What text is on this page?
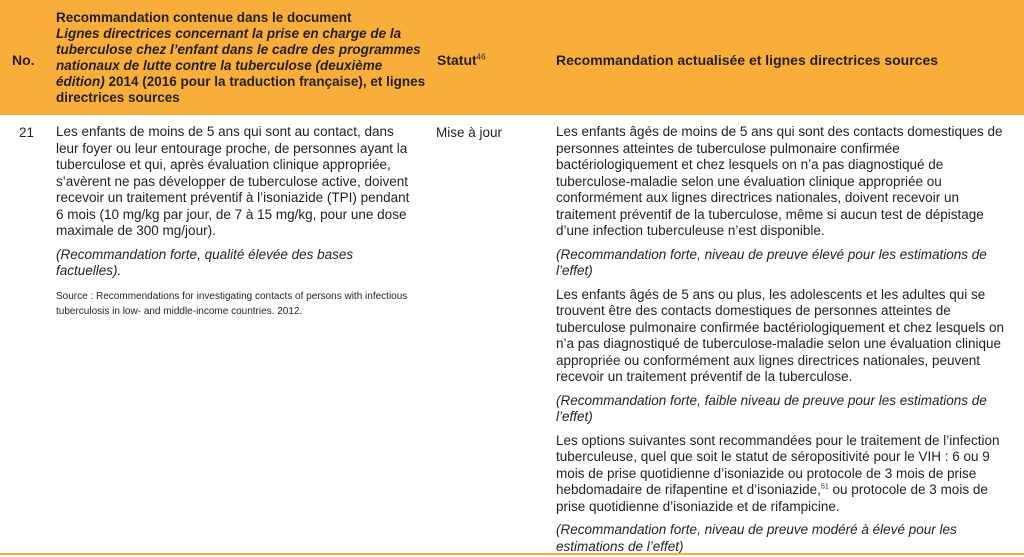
No.
Recommandation contenue dans le document
Lignes directrices concernant la prise en charge de la tuberculose chez l’enfant dans le cadre des programmes nationaux de lutte contre la tuberculose (deuxième édition) 2014 (2016 pour la traduction française), et lignes directrices sources
Statut$^{46}$	Recommandation actualisée et lignes directrices sources
21 Les enfants de moins de 5 ans qui sont au contact, dans leur foyer ou leur entourage proche, de personnes ayant la tuberculose et qui, après évaluation clinique appropriée, s’avèrent ne pas développer de tuberculose active, doivent recevoir un traitement préventif à l’isoniazide (TPI) pendant 6 mois (10 mg/kg par jour, de 7 à 15 mg/kg, pour une dose maximale de 300 mg/jour).

(Recommandation forte, qualité élevée des bases factuelles).

Source : Recommendations for investigating contacts of persons with infectious tuberculosis in low- and middle-income countries. 2012.

Mise à jour	Les enfants âgés de moins de 5 ans qui sont des contacts domestiques de personnes atteintes de tuberculose pulmonaire confirmée bactériologiquement et chez lesquels on n’a pas diagnostiqué de tuberculose-maladie selon une évaluation clinique appropriée ou conformément aux lignes directrices nationales, doivent recevoir un traitement préventif de la tuberculose, même si aucun test de dépistage d’une infection tuberculeuse n’est disponible.

(Recommandation forte, niveau de preuve élevé pour les estimations de l’effet)

Les enfants âgés de 5 ans ou plus, les adolescents et les adultes qui se trouvent être des contacts domestiques de personnes atteintes de tuberculose pulmonaire confirmée bactériologiquement et chez lesquels on n’a pas diagnostiqué de tuberculose-maladie selon une évaluation clinique appropriée ou conformément aux lignes directrices nationales, peuvent recevoir un traitement préventif de la tuberculose.

(Recommandation forte, faible niveau de preuve pour les estimations de l’effet)

Les options suivantes sont recommandées pour le traitement de l’infection tuberculeuse, quel que soit le statut de séropositivité pour le VIH : 6 ou 9 mois de prise quotidienne d’isoniazide ou protocole de 3 mois de prise hebdomadaire de rifapentine et d’isoniazide,$^{51}$ ou protocole de 3 mois de prise quotidienne d’isoniazide et de rifampicine.

(Recommandation forte, niveau de preuve modéré à élevé pour les estimations de l’effet)
